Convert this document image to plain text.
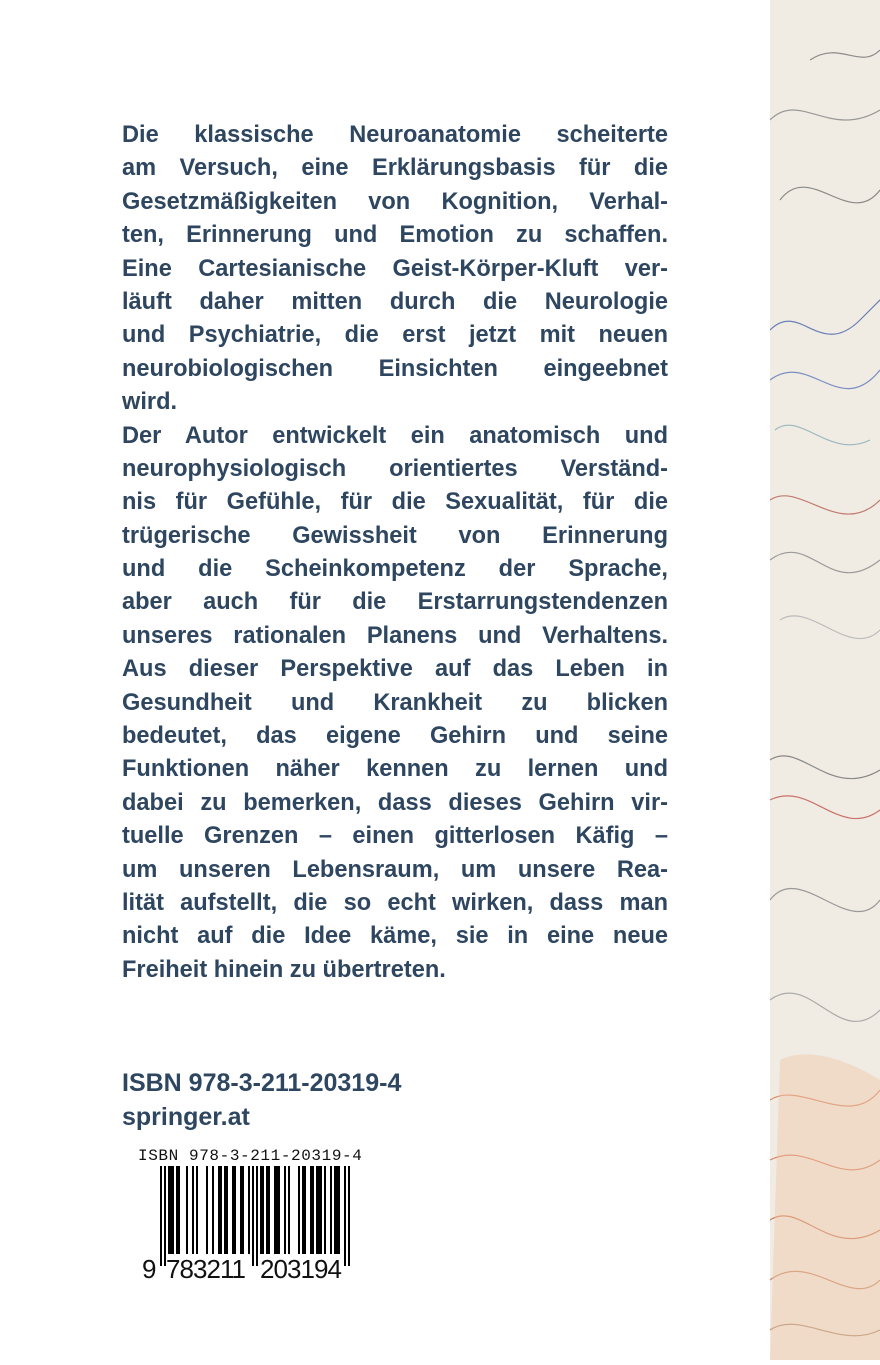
Die klassische Neuroanatomie scheiterte
am Versuch, eine Erklärungsbasis für die
Gesetzmäßigkeiten von Kognition, Verhal-
ten, Erinnerung und Emotion zu schaffen.
Eine Cartesianische Geist-Körper-Kluft ver-
läuft daher mitten durch die Neurologie
und Psychiatrie, die erst jetzt mit neuen
neurobiologischen Einsichten eingeebnet
wird.
Der Autor entwickelt ein anatomisch und
neurophysiologisch orientiertes Verständ-
nis für Gefühle, für die Sexualität, für die
trügerische Gewissheit von Erinnerung
und die Scheinkompetenz der Sprache,
aber auch für die Erstarrungstendenzen
unseres rationalen Planens und Verhaltens.
Aus dieser Perspektive auf das Leben in
Gesundheit und Krankheit zu blicken
bedeutet, das eigene Gehirn und seine
Funktionen näher kennen zu lernen und
dabei zu bemerken, dass dieses Gehirn vir-
tuelle Grenzen – einen gitterlosen Käfig –
um unseren Lebensraum, um unsere Rea-
lität aufstellt, die so echt wirken, dass man
nicht auf die Idee käme, sie in eine neue
Freiheit hinein zu übertreten.
ISBN 978-3-211-20319-4
springer.at
ISBN 978-3-211-20319-4
9 783211 203194
